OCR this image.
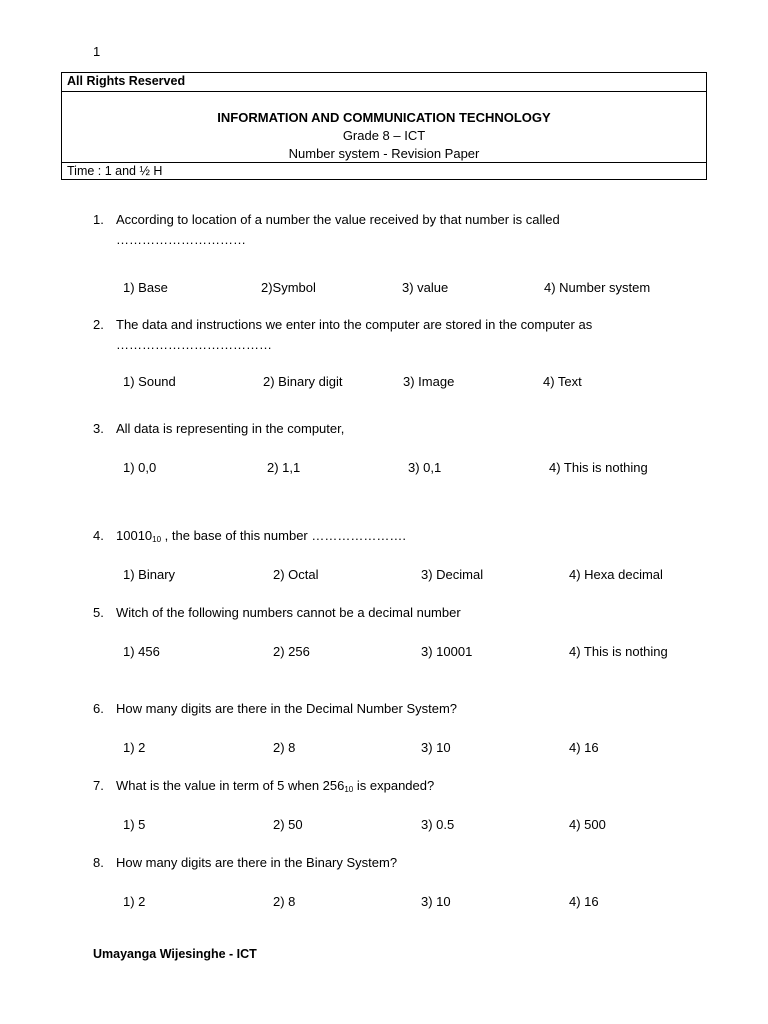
1
All Rights Reserved
INFORMATION AND COMMUNICATION TECHNOLOGY
Grade 8 – ICT
Number system - Revision Paper
Time : 1 and ½ H
1. According to location of a number the value received by that number is called
…………………………
1) Base	2)Symbol	3) value	4) Number system
2. The data and instructions we enter into the computer are stored in the computer as
………………………………
1) Sound	2) Binary digit	3) Image	4) Text
3. All data is representing in the computer,
1) 0,0	2) 1,1	3) 0,1	4) This is nothing
4. $10010_{10}$ , the base of this number ………………….
1) Binary	2) Octal	3) Decimal	4) Hexa decimal
5. Witch of the following numbers cannot be a decimal number
1) 456	2) 256	3) 10001	4) This is nothing
6. How many digits are there in the Decimal Number System?
1) 2	2) 8	3) 10	4) 16
7. What is the value in term of 5 when $256_{10}$ is expanded?
1) 5	2) 50	3) 0.5	4) 500
8. How many digits are there in the Binary System?
1) 2	2) 8	3) 10	4) 16
Umayanga Wijesinghe - ICT
